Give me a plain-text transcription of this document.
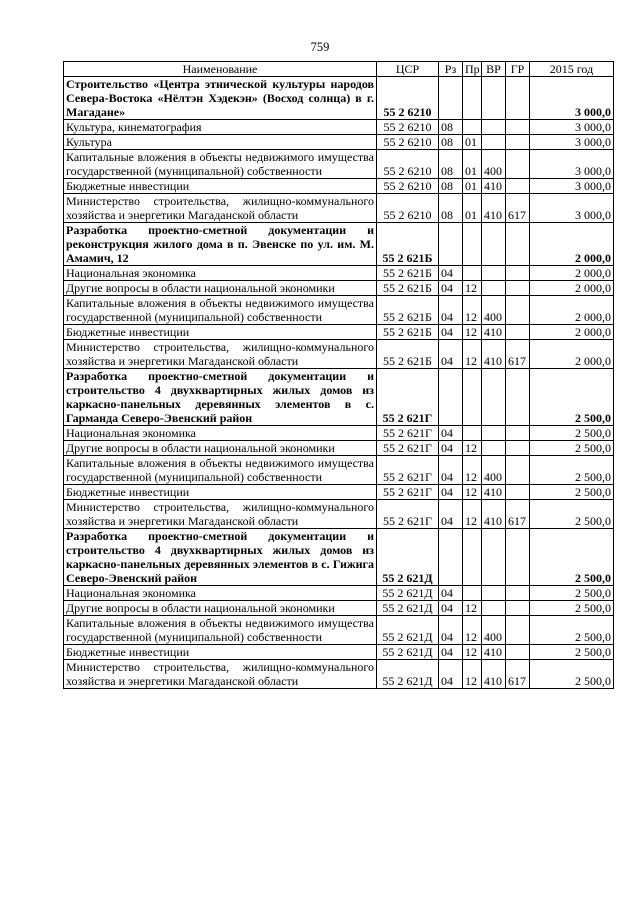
759
Наименование	ЦСР	Рз	Пр	ВР	ГР	2015 год
Строительство «Центра этнической культуры народов Севера-Востока «Нёлтэн Хэдекэн» (Восход солнца) в г. Магадане»	55 2 6210					3 000,0
Культура, кинематография	55 2 6210	08				3 000,0
Культура	55 2 6210	08	01			3 000,0
Капитальные вложения в объекты недвижимого имущества государственной (муниципальной) собственности	55 2 6210	08	01	400		3 000,0
Бюджетные инвестиции	55 2 6210	08	01	410		3 000,0
Министерство строительства, жилищно-коммунального хозяйства и энергетики Магаданской области	55 2 6210	08	01	410	617	3 000,0
Разработка проектно-сметной документации и реконструкция жилого дома в п. Эвенске по ул. им. М. Амамич, 12	55 2 621Б					2 000,0
Национальная экономика	55 2 621Б	04				2 000,0
Другие вопросы в области национальной экономики	55 2 621Б	04	12			2 000,0
Капитальные вложения в объекты недвижимого имущества государственной (муниципальной) собственности	55 2 621Б	04	12	400		2 000,0
Бюджетные инвестиции	55 2 621Б	04	12	410		2 000,0
Министерство строительства, жилищно-коммунального хозяйства и энергетики Магаданской области	55 2 621Б	04	12	410	617	2 000,0
Разработка проектно-сметной документации и строительство 4 двухквартирных жилых домов из каркасно-панельных деревянных элементов в с. Гарманда Северо-Эвенский район	55 2 621Г					2 500,0
Национальная экономика	55 2 621Г	04				2 500,0
Другие вопросы в области национальной экономики	55 2 621Г	04	12			2 500,0
Капитальные вложения в объекты недвижимого имущества государственной (муниципальной) собственности	55 2 621Г	04	12	400		2 500,0
Бюджетные инвестиции	55 2 621Г	04	12	410		2 500,0
Министерство строительства, жилищно-коммунального хозяйства и энергетики Магаданской области	55 2 621Г	04	12	410	617	2 500,0
Разработка проектно-сметной документации и строительство 4 двухквартирных жилых домов из каркасно-панельных деревянных элементов в с. Гижига Северо-Эвенский район	55 2 621Д					2 500,0
Национальная экономика	55 2 621Д	04				2 500,0
Другие вопросы в области национальной экономики	55 2 621Д	04	12			2 500,0
Капитальные вложения в объекты недвижимого имущества государственной (муниципальной) собственности	55 2 621Д	04	12	400		2 500,0
Бюджетные инвестиции	55 2 621Д	04	12	410		2 500,0
Министерство строительства, жилищно-коммунального хозяйства и энергетики Магаданской области	55 2 621Д	04	12	410	617	2 500,0
